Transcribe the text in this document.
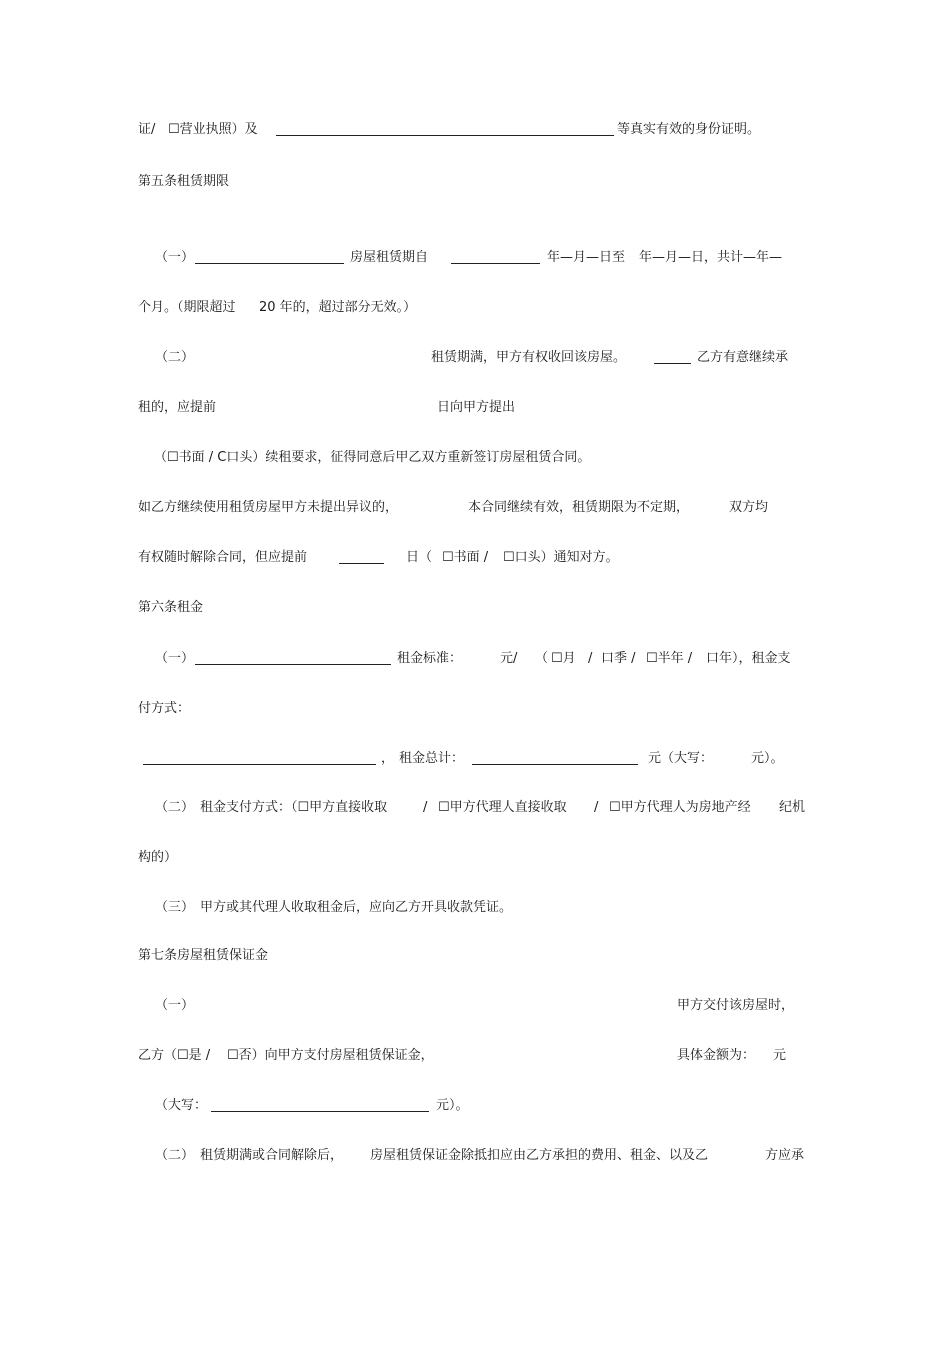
证/ ☐营业执照）及	等真实有效的身份证明。
第五条租赁期限
（一）	房屋租赁期自	年—月—日至 年—月—日，共计—年—
个月。（期限超过 20 年的，超过部分无效。）
（二）	租赁期满，甲方有权收回该房屋。	乙方有意继续承
租的，应提前	日向甲方提出
（☐书面 / C口头）续租要求，征得同意后甲乙双方重新签订房屋租赁合同。
如乙方继续使用租赁房屋甲方未提出异议的，	本合同继续有效，租赁期限为不定期，	双方均
有权随时解除合同，但应提前	日（ ☐书面 / ☐口头）通知对方。
第六条租金
（一）	租金标准：	元/ （ ☐月 / 口季 / ☐半年 / 口年），租金支
付方式：
， 租金总计：	元（大写：	元）。
（二） 租金支付方式：（☐甲方直接收取	/ ☐甲方代理人直接收取 / ☐甲方代理人为房地产经 纪机
构的）
（三） 甲方或其代理人收取租金后，应向乙方开具收款凭证。
第七条房屋租赁保证金
（一）	甲方交付该房屋时，
乙方（☐是 / ☐否）向甲方支付房屋租赁保证金，	具体金额为： 元
（大写：	元）。
（二） 租赁期满或合同解除后， 房屋租赁保证金除抵扣应由乙方承担的费用、租金、以及乙	方应承
